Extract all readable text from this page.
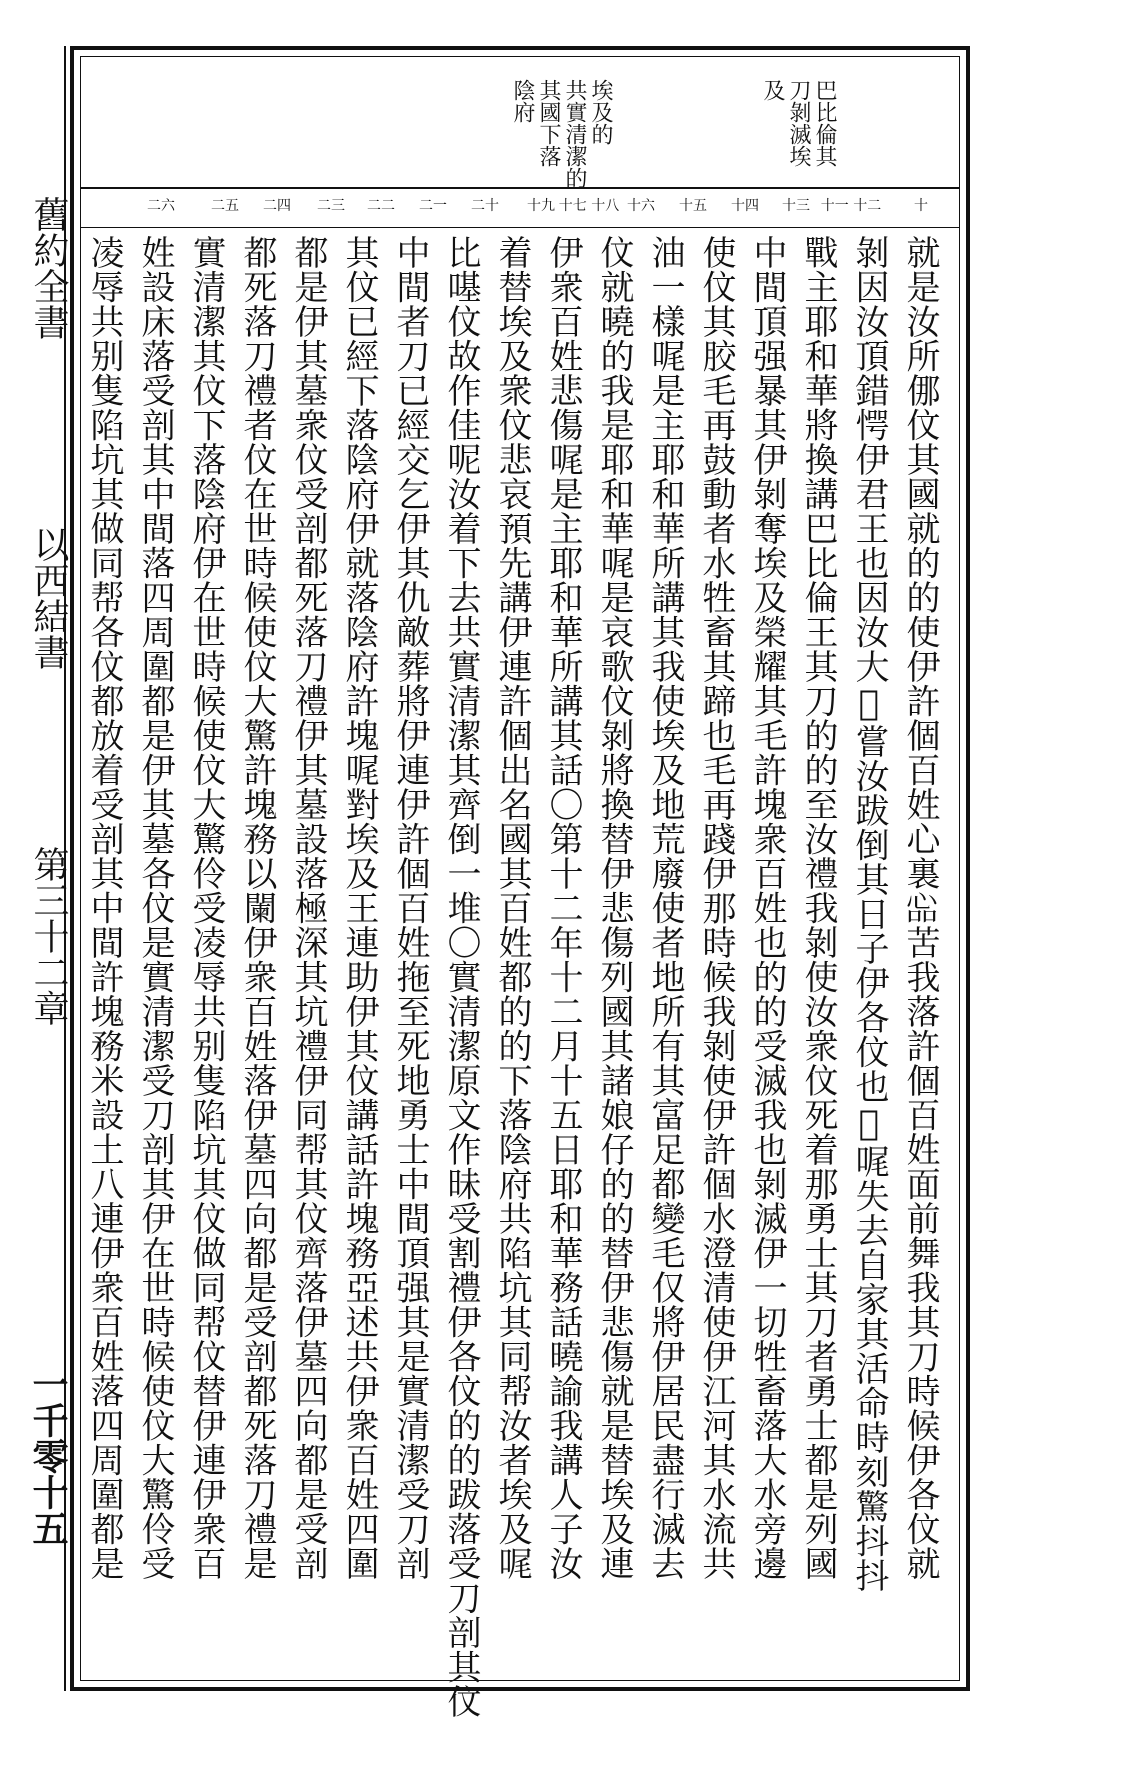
巴比倫其
刀剝滅埃
及
埃及的
共實清潔的
其國下落
陰府
十
十一 十二
十三
十四
十五
十六
十七 十八
十九
二十
二一
二二
二三
二四
二五
二六
就是汝所㑚伩其國就的的使伊許個百姓心裏𢙈苦我落許個百姓面前舞我其刀時候伊各伩就
剝因汝頂錯愕伊君王也因汝大𤶇嘗汝跋倒其日子伊各伩也𤶇𠳿失去自家其活命時刻驚抖抖
戰主耶和華將換講巴比倫王其刀的的至汝禮我剝使汝衆伩死着那勇士其刀者勇士都是列國
中間頂强暴其伊剝奪埃及榮耀其毛許塊衆百姓也的的受滅我也剝滅伊一切牲畜落大水旁邊
使伩其胶毛再鼓動者水牲畜其蹄也毛再踐伊那時候我剝使伊許個水澄清使伊江河其水流共
油一樣𠳿是主耶和華所講其我使埃及地荒廢使者地所有其富足都變毛仅將伊居民盡行滅去
伩就曉的我是耶和華𠳿是哀歌伩剝將換替伊悲傷列國其諸娘仔的的替伊悲傷就是替埃及連
伊衆百姓悲傷𠳿是主耶和華所講其話〇第十二年十二月十五日耶和華務話曉諭我講人子汝
着替埃及衆伩悲哀預先講伊連許個出名國其百姓都的的下落陰府共陷坑其同帮汝者埃及𠳿
比𠼻伩故作佳呢汝着下去共實清潔其齊倒一堆〇實清潔原文作昧受割禮伊各伩的的跋落受刀剖其伩
中間者刀已經交乞伊其仇敵葬將伊連伊許個百姓拖至死地勇士中間頂强其是實清潔受刀剖
其伩已經下落陰府伊就落陰府許塊𠳿對埃及王連助伊其伩講話許塊務亞述共伊衆百姓四圍
都是伊其墓衆伩受剖都死落刀禮伊其墓設落極深其坑禮伊同帮其伩齊落伊墓四向都是受剖
都死落刀禮者伩在世時候使伩大驚許塊務以闌伊衆百姓落伊墓四向都是受剖都死落刀禮是
實清潔其伩下落陰府伊在世時候使伩大驚伶受凌辱共别隻陷坑其伩做同帮伩替伊連伊衆百
姓設床落受剖其中間落四周圍都是伊其墓各伩是實清潔受刀剖其伊在世時候使伩大驚伶受
凌辱共别隻陷坑其做同帮各伩都放着受剖其中間許塊務米設土八連伊衆百姓落四周圍都是
舊約全書
以西結書
第三十二章
一千零十五
